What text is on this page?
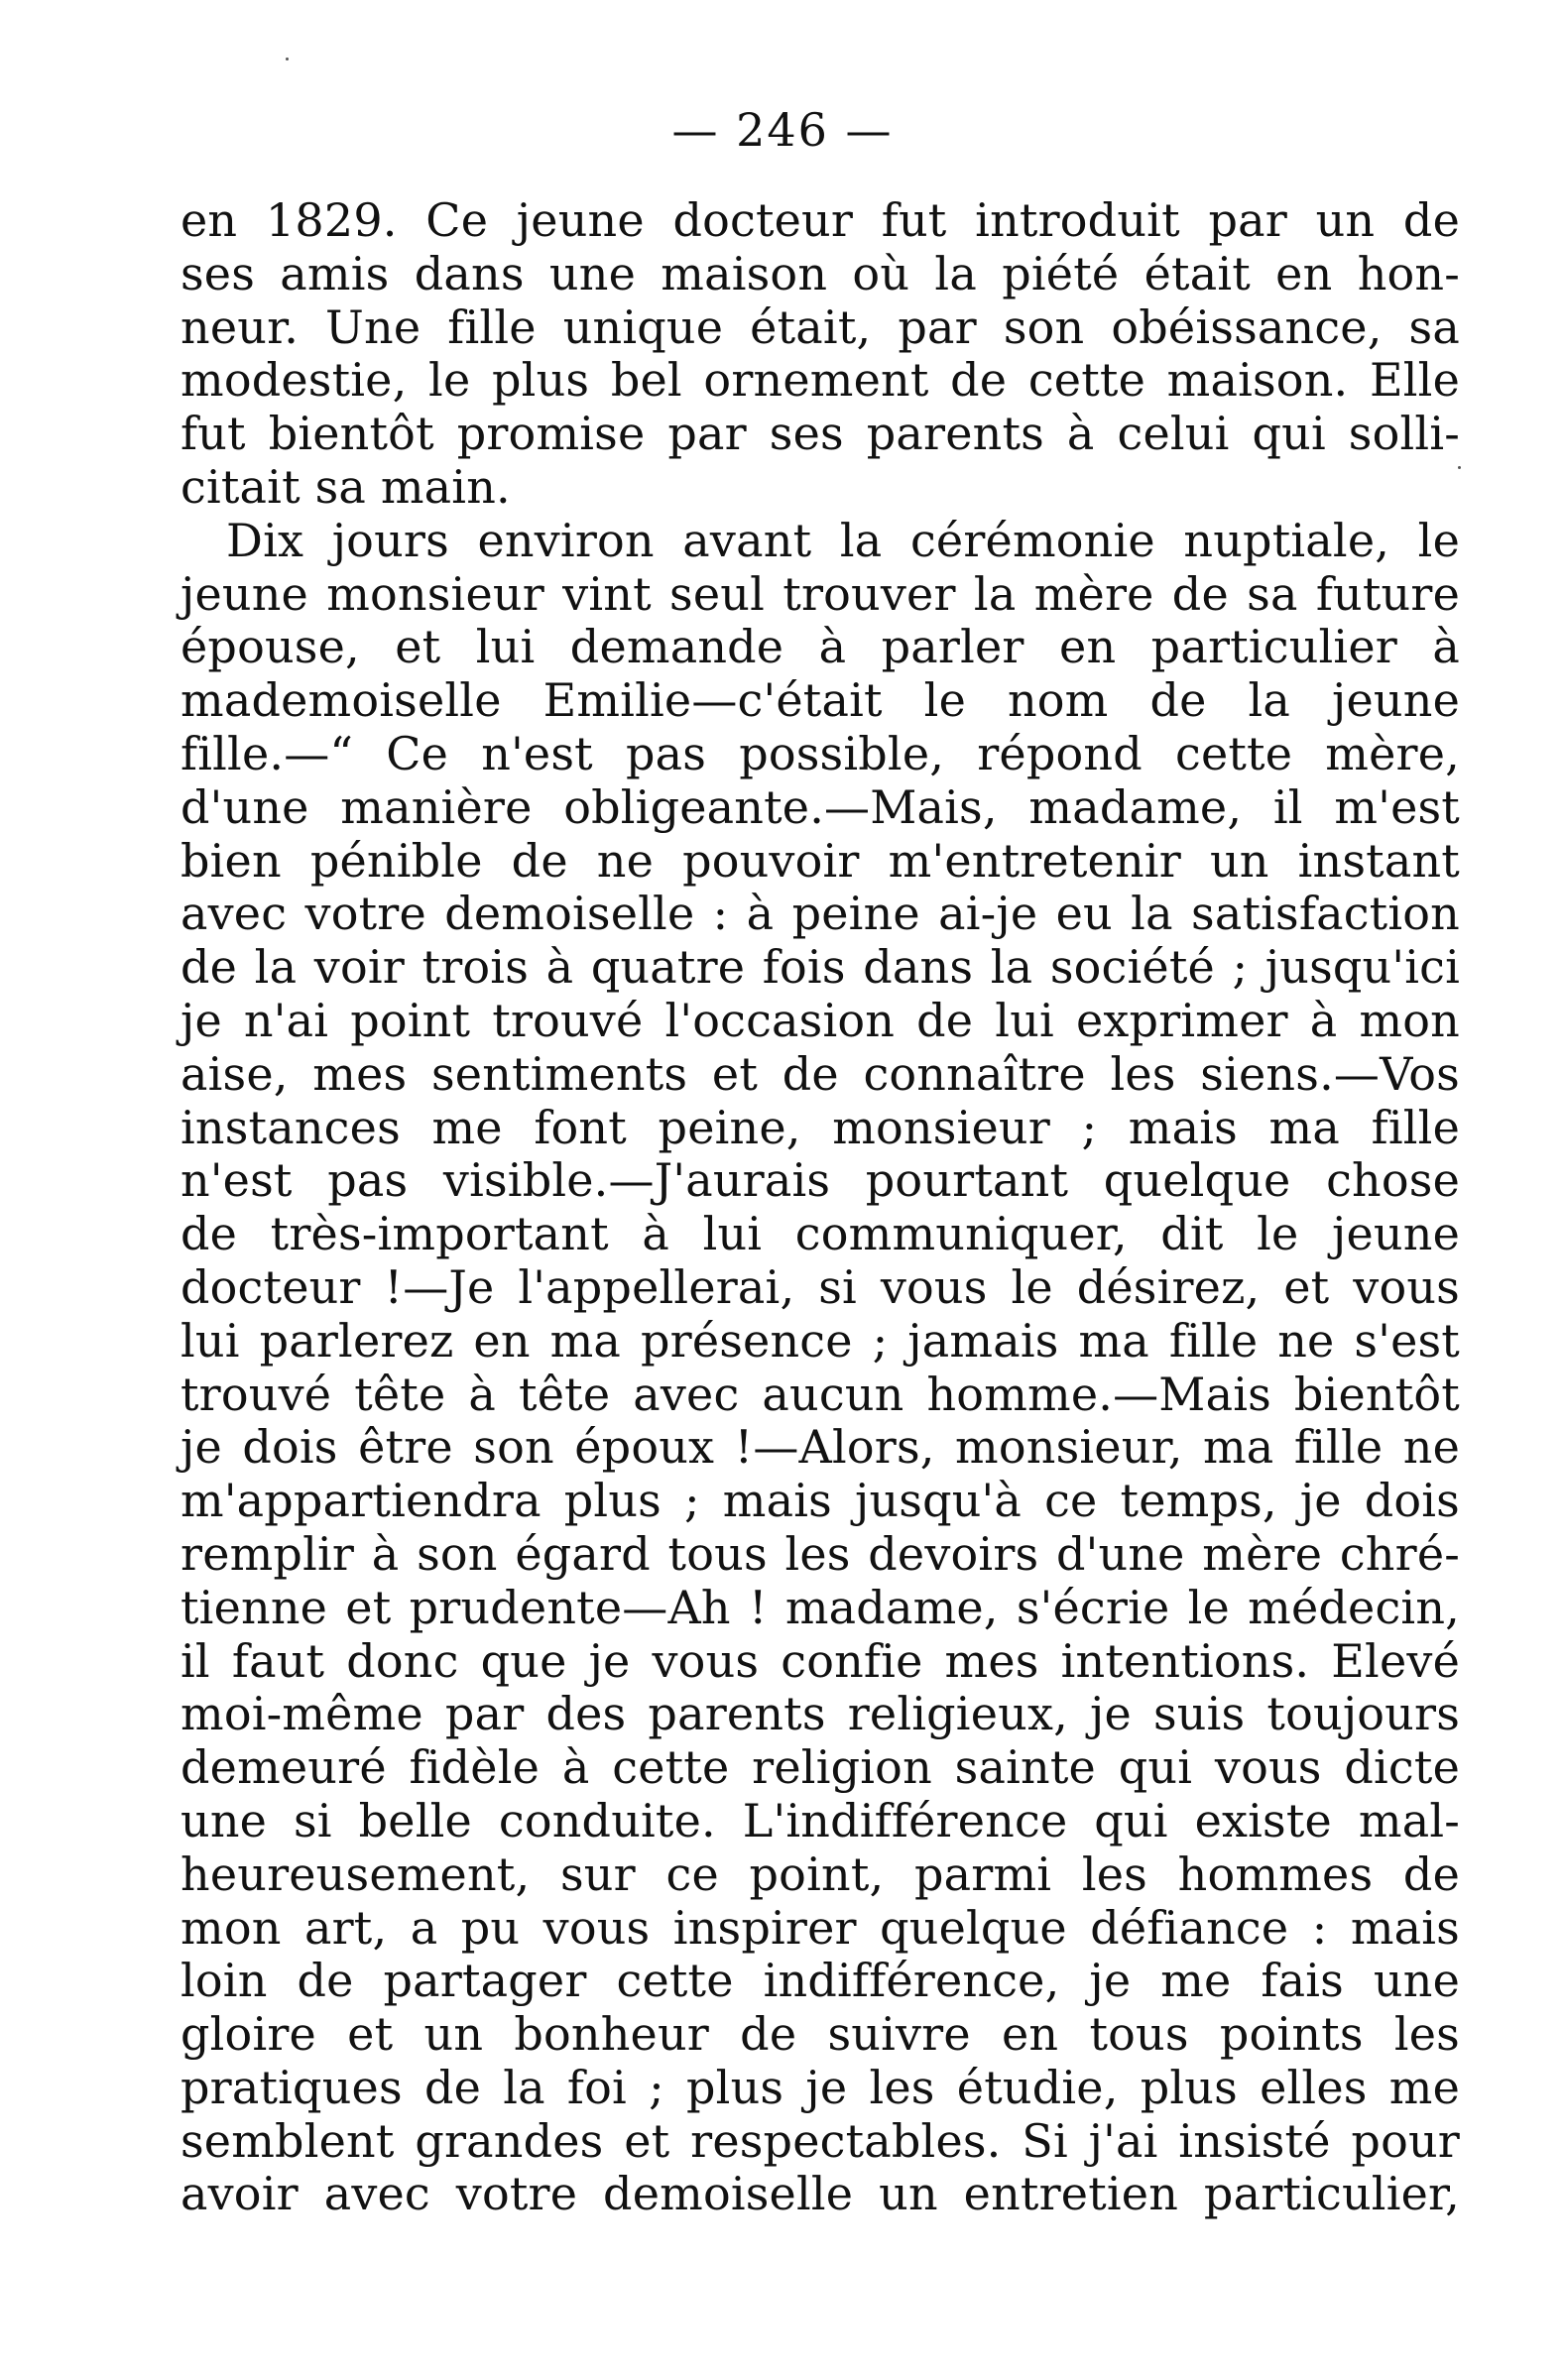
— 246 —
en 1829. Ce jeune docteur fut introduit par un de
ses amis dans une maison où la piété était en hon-
neur. Une fille unique était, par son obéissance, sa
modestie, le plus bel ornement de cette maison. Elle
fut bientôt promise par ses parents à celui qui solli-
citait sa main.
Dix jours environ avant la cérémonie nuptiale, le
jeune monsieur vint seul trouver la mère de sa future
épouse, et lui demande à parler en particulier à
mademoiselle Emilie—c'était le nom de la jeune
fille.—“ Ce n'est pas possible, répond cette mère,
d'une manière obligeante.—Mais, madame, il m'est
bien pénible de ne pouvoir m'entretenir un instant
avec votre demoiselle : à peine ai-je eu la satisfaction
de la voir trois à quatre fois dans la société ; jusqu'ici
je n'ai point trouvé l'occasion de lui exprimer à mon
aise, mes sentiments et de connaître les siens.—Vos
instances me font peine, monsieur ; mais ma fille
n'est pas visible.—J'aurais pourtant quelque chose
de très-important à lui communiquer, dit le jeune
docteur !—Je l'appellerai, si vous le désirez, et vous
lui parlerez en ma présence ; jamais ma fille ne s'est
trouvé tête à tête avec aucun homme.—Mais bientôt
je dois être son époux !—Alors, monsieur, ma fille ne
m'appartiendra plus ; mais jusqu'à ce temps, je dois
remplir à son égard tous les devoirs d'une mère chré-
tienne et prudente—Ah ! madame, s'écrie le médecin,
il faut donc que je vous confie mes intentions. Elevé
moi-même par des parents religieux, je suis toujours
demeuré fidèle à cette religion sainte qui vous dicte
une si belle conduite. L'indifférence qui existe mal-
heureusement, sur ce point, parmi les hommes de
mon art, a pu vous inspirer quelque défiance : mais
loin de partager cette indifférence, je me fais une
gloire et un bonheur de suivre en tous points les
pratiques de la foi ; plus je les étudie, plus elles me
semblent grandes et respectables. Si j'ai insisté pour
avoir avec votre demoiselle un entretien particulier,
